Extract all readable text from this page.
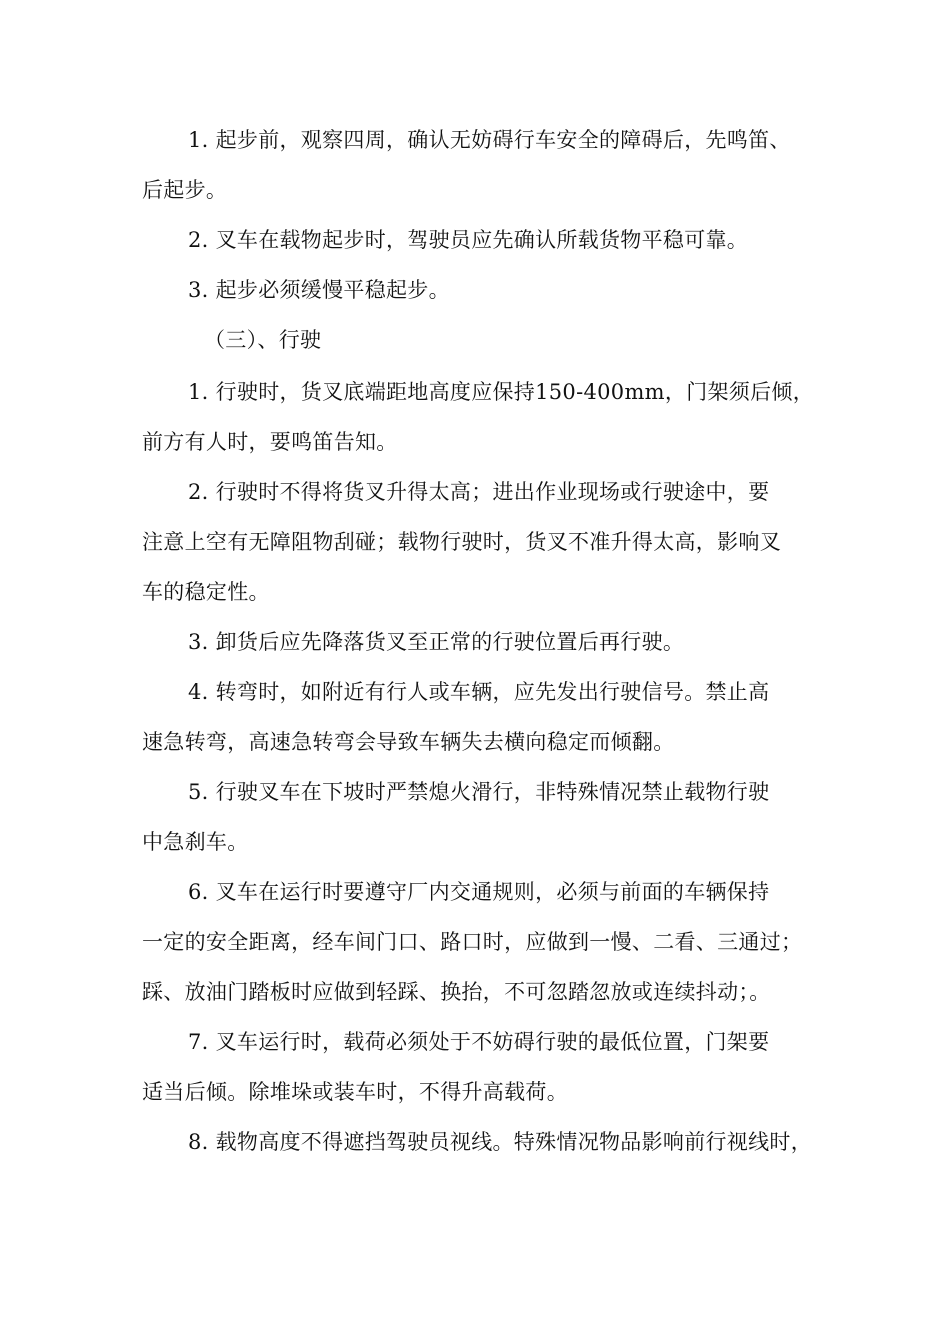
1. 起步前，观察四周，确认无妨碍行车安全的障碍后，先鸣笛、
后起步。
2. 叉车在载物起步时，驾驶员应先确认所载货物平稳可靠。
3. 起步必须缓慢平稳起步。
（三）、行驶
1. 行驶时，货叉底端距地高度应保持150-400mm，门架须后倾，
前方有人时，要鸣笛告知。
2. 行驶时不得将货叉升得太高；进出作业现场或行驶途中，要
注意上空有无障阻物刮碰；载物行驶时，货叉不准升得太高，影响叉
车的稳定性。
3. 卸货后应先降落货叉至正常的行驶位置后再行驶。
4. 转弯时，如附近有行人或车辆，应先发出行驶信号。禁止高
速急转弯，高速急转弯会导致车辆失去横向稳定而倾翻。
5. 行驶叉车在下坡时严禁熄火滑行，非特殊情况禁止载物行驶
中急刹车。
6. 叉车在运行时要遵守厂内交通规则，必须与前面的车辆保持
一定的安全距离，经车间门口、路口时，应做到一慢、二看、三通过；
踩、放油门踏板时应做到轻踩、换抬，不可忽踏忽放或连续抖动；。
7. 叉车运行时，载荷必须处于不妨碍行驶的最低位置，门架要
适当后倾。除堆垛或装车时，不得升高载荷。
8. 载物高度不得遮挡驾驶员视线。特殊情况物品影响前行视线时，
